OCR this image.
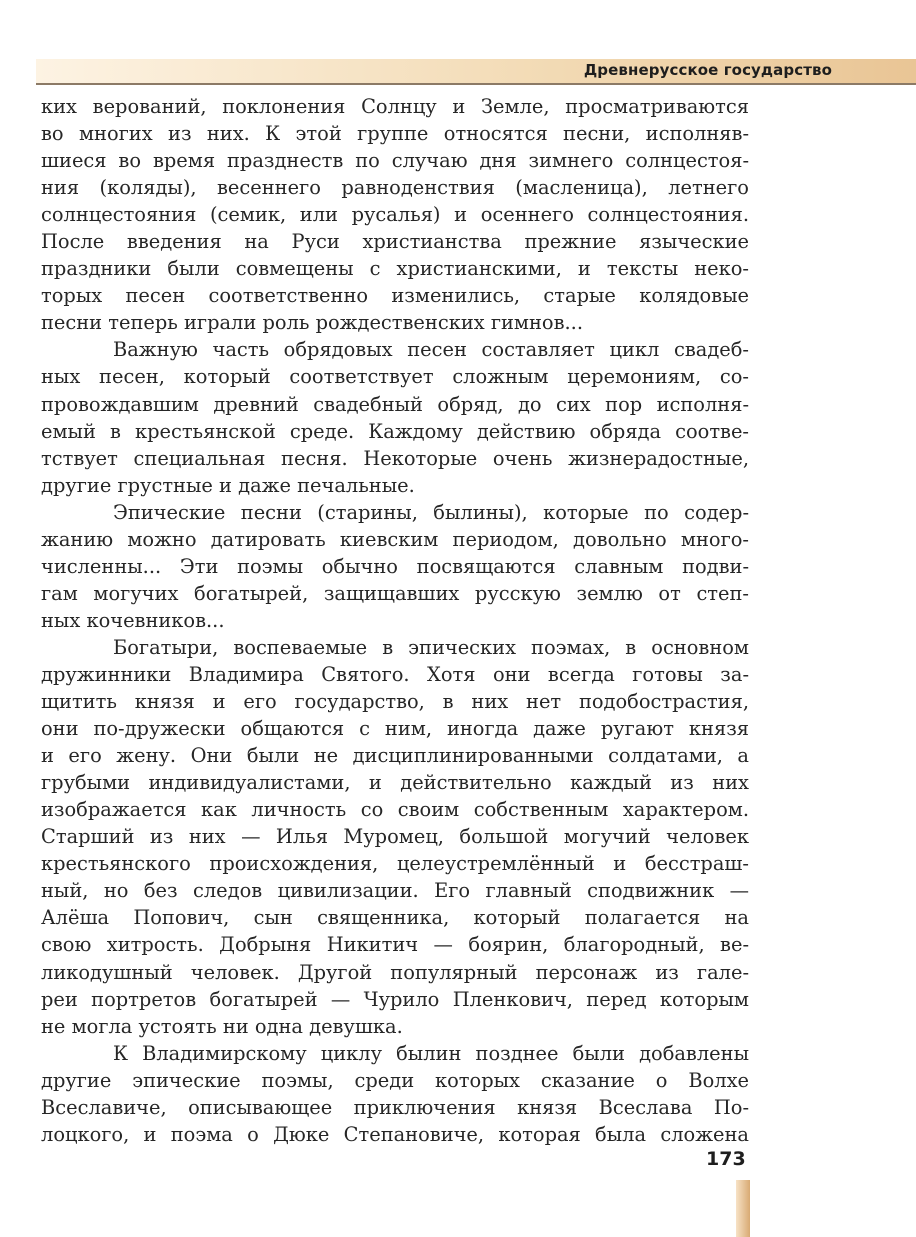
Древнерусское государство
ких верований, поклонения Солнцу и Земле, просматриваются
во многих из них. К этой группе относятся песни, исполняв-
шиеся во время празднеств по случаю дня зимнего солнцестоя-
ния (коляды), весеннего равноденствия (масленица), летнего
солнцестояния (семик, или русалья) и осеннего солнцестояния.
После введения на Руси христианства прежние языческие
праздники были совмещены с христианскими, и тексты неко-
торых песен соответственно изменились, старые колядовые
песни теперь играли роль рождественских гимнов...
Важную часть обрядовых песен составляет цикл свадеб-
ных песен, который соответствует сложным церемониям, со-
провождавшим древний свадебный обряд, до сих пор исполня-
емый в крестьянской среде. Каждому действию обряда соотве-
тствует специальная песня. Некоторые очень жизнерадостные,
другие грустные и даже печальные.
Эпические песни (старины, былины), которые по содер-
жанию можно датировать киевским периодом, довольно много-
численны... Эти поэмы обычно посвящаются славным подви-
гам могучих богатырей, защищавших русскую землю от степ-
ных кочевников...
Богатыри, воспеваемые в эпических поэмах, в основном
дружинники Владимира Святого. Хотя они всегда готовы за-
щитить князя и его государство, в них нет подобострастия,
они по-дружески общаются с ним, иногда даже ругают князя
и его жену. Они были не дисциплинированными солдатами, а
грубыми индивидуалистами, и действительно каждый из них
изображается как личность со своим собственным характером.
Старший из них — Илья Муромец, большой могучий человек
крестьянского происхождения, целеустремлённый и бесстраш-
ный, но без следов цивилизации. Его главный сподвижник —
Алёша Попович, сын священника, который полагается на
свою хитрость. Добрыня Никитич — боярин, благородный, ве-
ликодушный человек. Другой популярный персонаж из гале-
реи портретов богатырей — Чурило Пленкович, перед которым
не могла устоять ни одна девушка.
К Владимирскому циклу былин позднее были добавлены
другие эпические поэмы, среди которых сказание о Волхе
Всеславиче, описывающее приключения князя Всеслава По-
лоцкого, и поэма о Дюке Степановиче, которая была сложена
173
